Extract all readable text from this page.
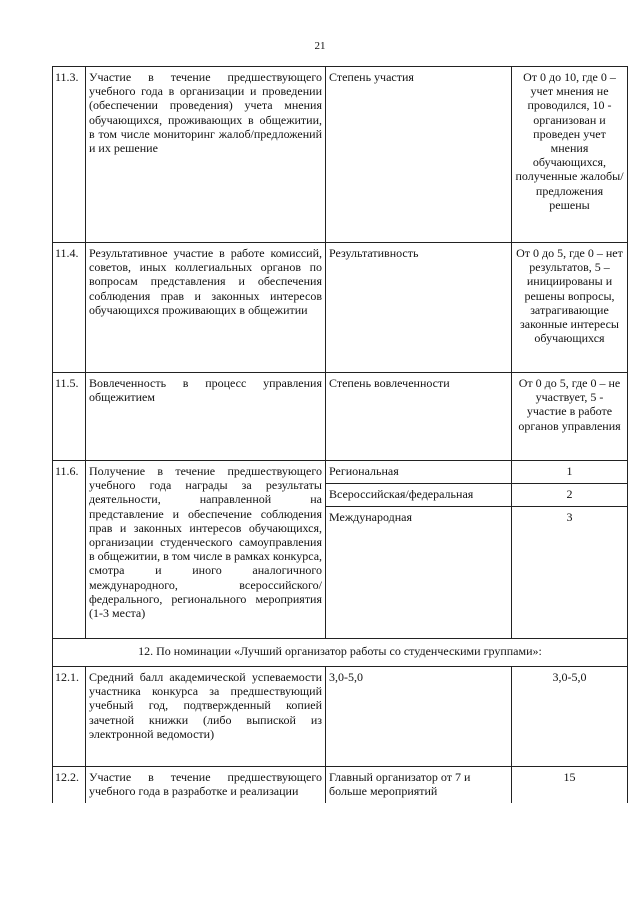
21
11.3.	Участие в течение предшествующего учебного года в организации и проведении (обеспечении проведения) учета мнения обучающихся, проживающих в общежитии, в том числе мониторинг жалоб/предложений и их решение	Степень участия	От 0 до 10, где 0 – учет мнения не проводился, 10 - организован и проведен учет мнения обучающихся, полученные жалобы/ предложения решены
11.4.	Результативное участие в работе комиссий, советов, иных коллегиальных органов по вопросам представления и обеспечения соблюдения прав и законных интересов обучающихся проживающих в общежитии	Результативность	От 0 до 5, где 0 – нет результатов, 5 – инициированы и решены вопросы, затрагивающие законные интересы обучающихся
11.5.	Вовлеченность в процесс управления общежитием	Степень вовлеченности	От 0 до 5, где 0 – не участвует, 5 - участие в работе органов управления
11.6.	Получение в течение предшествующего учебного года награды за результаты деятельности, направленной на представление и обеспечение соблюдения прав и законных интересов обучающихся, организации студенческого самоуправления в общежитии, в том числе в рамках конкурса, смотра и иного аналогичного международного, всероссийского/федерального, регионального мероприятия (1-3 места)	Региональная	1
		Всероссийская/федеральная	2
		Международная	3
12. По номинации «Лучший организатор работы со студенческими группами»:			
12.1.	Средний балл академической успеваемости участника конкурса за предшествующий учебный год, подтвержденный копией зачетной книжки (либо выпиской из электронной ведомости)	3,0-5,0	3,0-5,0
12.2.	Участие в течение предшествующего учебного года в разработке и реализации	Главный организатор от 7 и больше мероприятий	15
